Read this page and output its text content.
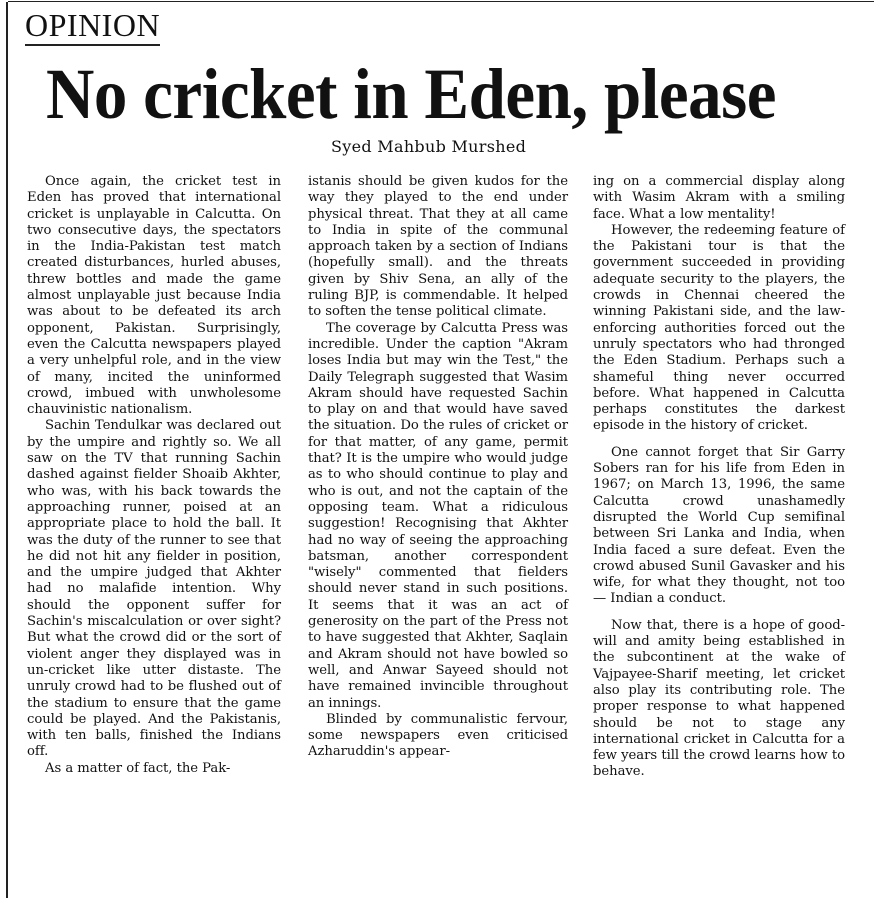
OPINION
No cricket in Eden, please
Syed Mahbub Murshed

Once again, the cricket test in Eden has proved that international cricket is unplayable in Calcutta. On two consecutive days, the spectators in the India-Pakistan test match created disturbances, hurled abuses, threw bottles and made the game almost unplayable just because India was about to be defeated its arch opponent, Pakistan. Surprisingly, even the Calcutta newspapers played a very unhelpful role, and in the view of many, incited the uninformed crowd, imbued with unwholesome chauvinistic nationalism.

Sachin Tendulkar was declared out by the umpire and rightly so. We all saw on the TV that running Sachin dashed against fielder Shoaib Akhter, who was, with his back towards the approaching runner, poised at an appropriate place to hold the ball. It was the duty of the runner to see that he did not hit any fielder in position, and the umpire judged that Akhter had no malafide intention. Why should the opponent suffer for Sachin's miscalculation or over sight? But what the crowd did or the sort of violent anger they displayed was in un-cricket like utter distaste. The unruly crowd had to be flushed out of the stadium to ensure that the game could be played. And the Pakistanis, with ten balls, finished the Indians off.

As a matter of fact, the Pak-

istanis should be given kudos for the way they played to the end under physical threat. That they at all came to India in spite of the communal approach taken by a section of Indians (hopefully small). and the threats given by Shiv Sena, an ally of the ruling BJP, is commendable. It helped to soften the tense political climate.

The coverage by Calcutta Press was incredible. Under the caption "Akram loses India but may win the Test," the Daily Telegraph suggested that Wasim Akram should have requested Sachin to play on and that would have saved the situation. Do the rules of cricket or for that matter, of any game, permit that? It is the umpire who would judge as to who should continue to play and who is out, and not the captain of the opposing team. What a ridiculous suggestion! Recognising that Akhter had no way of seeing the approaching batsman, another correspondent "wisely" commented that fielders should never stand in such positions. It seems that it was an act of generosity on the part of the Press not to have suggested that Akhter, Saqlain and Akram should not have bowled so well, and Anwar Sayeed should not have remained invincible throughout an innings.

Blinded by communalistic fervour, some newspapers even criticised Azharuddin's appear-

ing on a commercial display along with Wasim Akram with a smiling face. What a low mentality!

However, the redeeming feature of the Pakistani tour is that the government succeeded in providing adequate security to the players, the crowds in Chennai cheered the winning Pakistani side, and the law-enforcing authorities forced out the unruly spectators who had thronged the Eden Stadium. Perhaps such a shameful thing never occurred before. What happened in Calcutta perhaps constitutes the darkest episode in the history of cricket.

One cannot forget that Sir Garry Sobers ran for his life from Eden in 1967; on March 13, 1996, the same Calcutta crowd unashamedly disrupted the World Cup semifinal between Sri Lanka and India, when India faced a sure defeat. Even the crowd abused Sunil Gavasker and his wife, for what they thought, not too — Indian a conduct.

Now that, there is a hope of good-will and amity being established in the subcontinent at the wake of Vajpayee-Sharif meeting, let cricket also play its contributing role. The proper response to what happened should be not to stage any international cricket in Calcutta for a few years till the crowd learns how to behave.
